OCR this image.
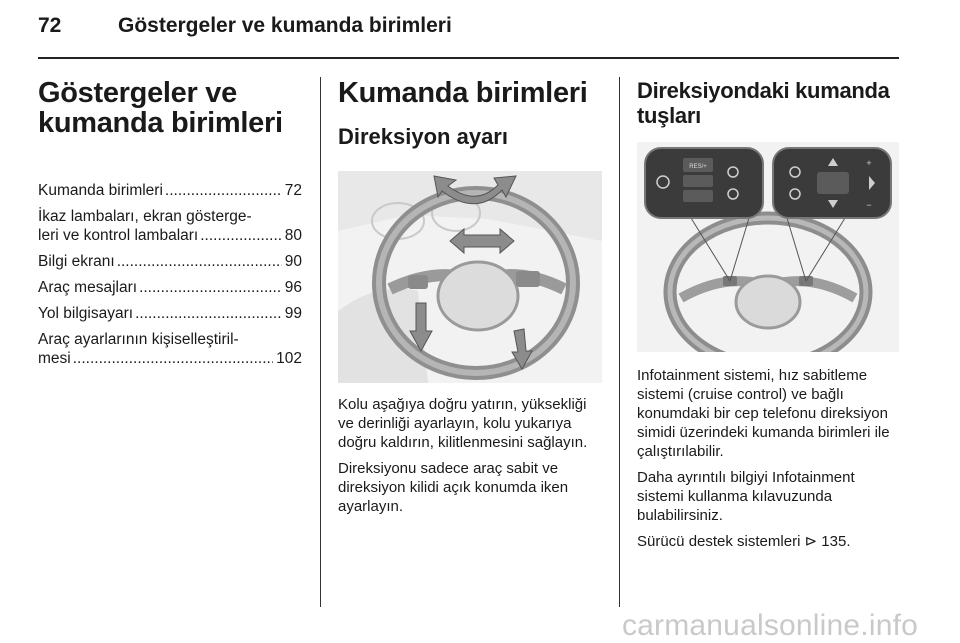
72	Göstergeler ve kumanda birimleri
Göstergeler ve
kumanda birimleri
Kumanda birimleri .....	72
İkaz lambaları, ekran gösterge-
leri ve kontrol lambaları .....	80
Bilgi ekranı .....	90
Araç mesajları .....	96
Yol bilgisayarı .....	99
Araç ayarlarının kişiselleştiril-
mesi .....	102
Kumanda birimleri
Direksiyon ayarı

Kolu aşağıya doğru yatırın, yüksekliği ve derinliği ayarlayın, kolu yukarıya doğru kaldırın, kilitlenmesini sağlayın.

Direksiyonu sadece araç sabit ve direksiyon kilidi açık konumda iken ayarlayın.

Direksiyondaki kumanda
tuşları
RES/+	+
−

Infotainment sistemi, hız sabitleme sistemi (cruise control) ve bağlı konumdaki bir cep telefonu direksiyon simidi üzerindeki kumanda birimleri ile çalıştırılabilir.

Daha ayrıntılı bilgiyi Infotainment sistemi kullanma kılavuzunda bulabilirsiniz.

Sürücü destek sistemleri ⊳ 135.

carmanualsonline.info
